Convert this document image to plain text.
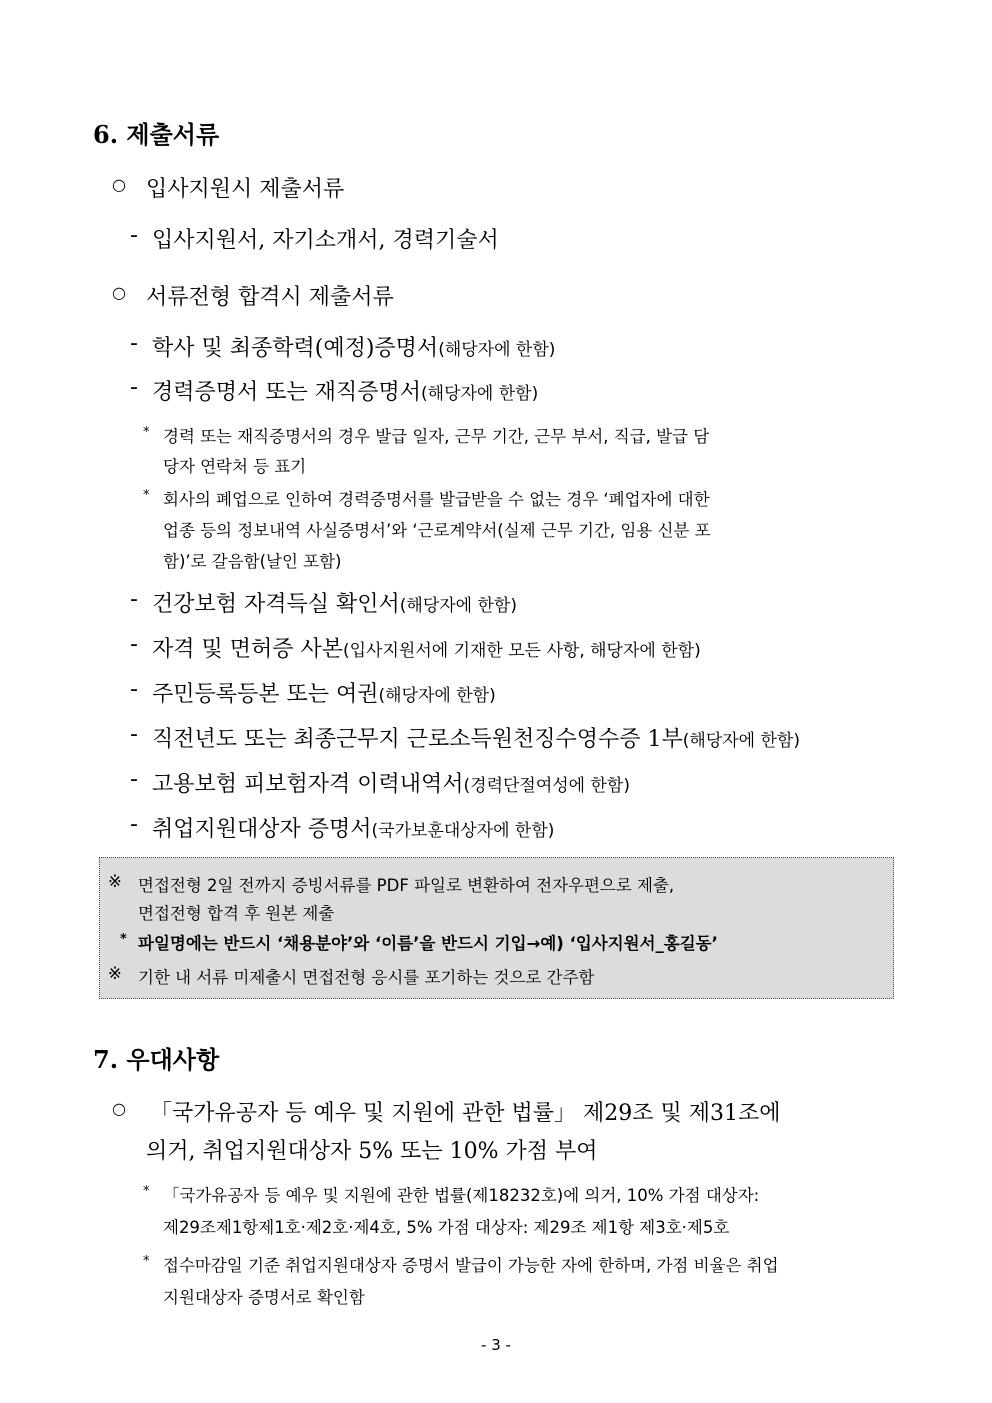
6. 제출서류
○ 입사지원시 제출서류
- 입사지원서, 자기소개서, 경력기술서
○ 서류전형 합격시 제출서류
- 학사 및 최종학력(예정)증명서(해당자에 한함)
- 경력증명서 또는 재직증명서(해당자에 한함)
* 경력 또는 재직증명서의 경우 발급 일자, 근무 기간, 근무 부서, 직급, 발급 담
당자 연락처 등 표기
* 회사의 폐업으로 인하여 경력증명서를 발급받을 수 없는 경우 ‘폐업자에 대한
업종 등의 정보내역 사실증명서’와 ‘근로계약서(실제 근무 기간, 임용 신분 포
함)’로 갈음함(날인 포함)
- 건강보험 자격득실 확인서(해당자에 한함)
- 자격 및 면허증 사본(입사지원서에 기재한 모든 사항, 해당자에 한함)
- 주민등록등본 또는 여권(해당자에 한함)
- 직전년도 또는 최종근무지 근로소득원천징수영수증 1부(해당자에 한함)
- 고용보험 피보험자격 이력내역서(경력단절여성에 한함)
- 취업지원대상자 증명서(국가보훈대상자에 한함)
※ 면접전형 2일 전까지 증빙서류를 PDF 파일로 변환하여 전자우편으로 제출,
면접전형 합격 후 원본 제출
* 파일명에는 반드시 ‘채용분야’와 ‘이름’을 반드시 기입→예) ‘입사지원서_홍길동’
※ 기한 내 서류 미제출시 면접전형 응시를 포기하는 것으로 간주함
7. 우대사항
○ 「국가유공자 등 예우 및 지원에 관한 법률」 제29조 및 제31조에
의거, 취업지원대상자 5% 또는 10% 가점 부여
* 「국가유공자 등 예우 및 지원에 관한 법률(제18232호)에 의거, 10% 가점 대상자:
제29조제1항제1호·제2호·제4호, 5% 가점 대상자: 제29조 제1항 제3호·제5호
* 접수마감일 기준 취업지원대상자 증명서 발급이 가능한 자에 한하며, 가점 비율은 취업
지원대상자 증명서로 확인함
- 3 -
